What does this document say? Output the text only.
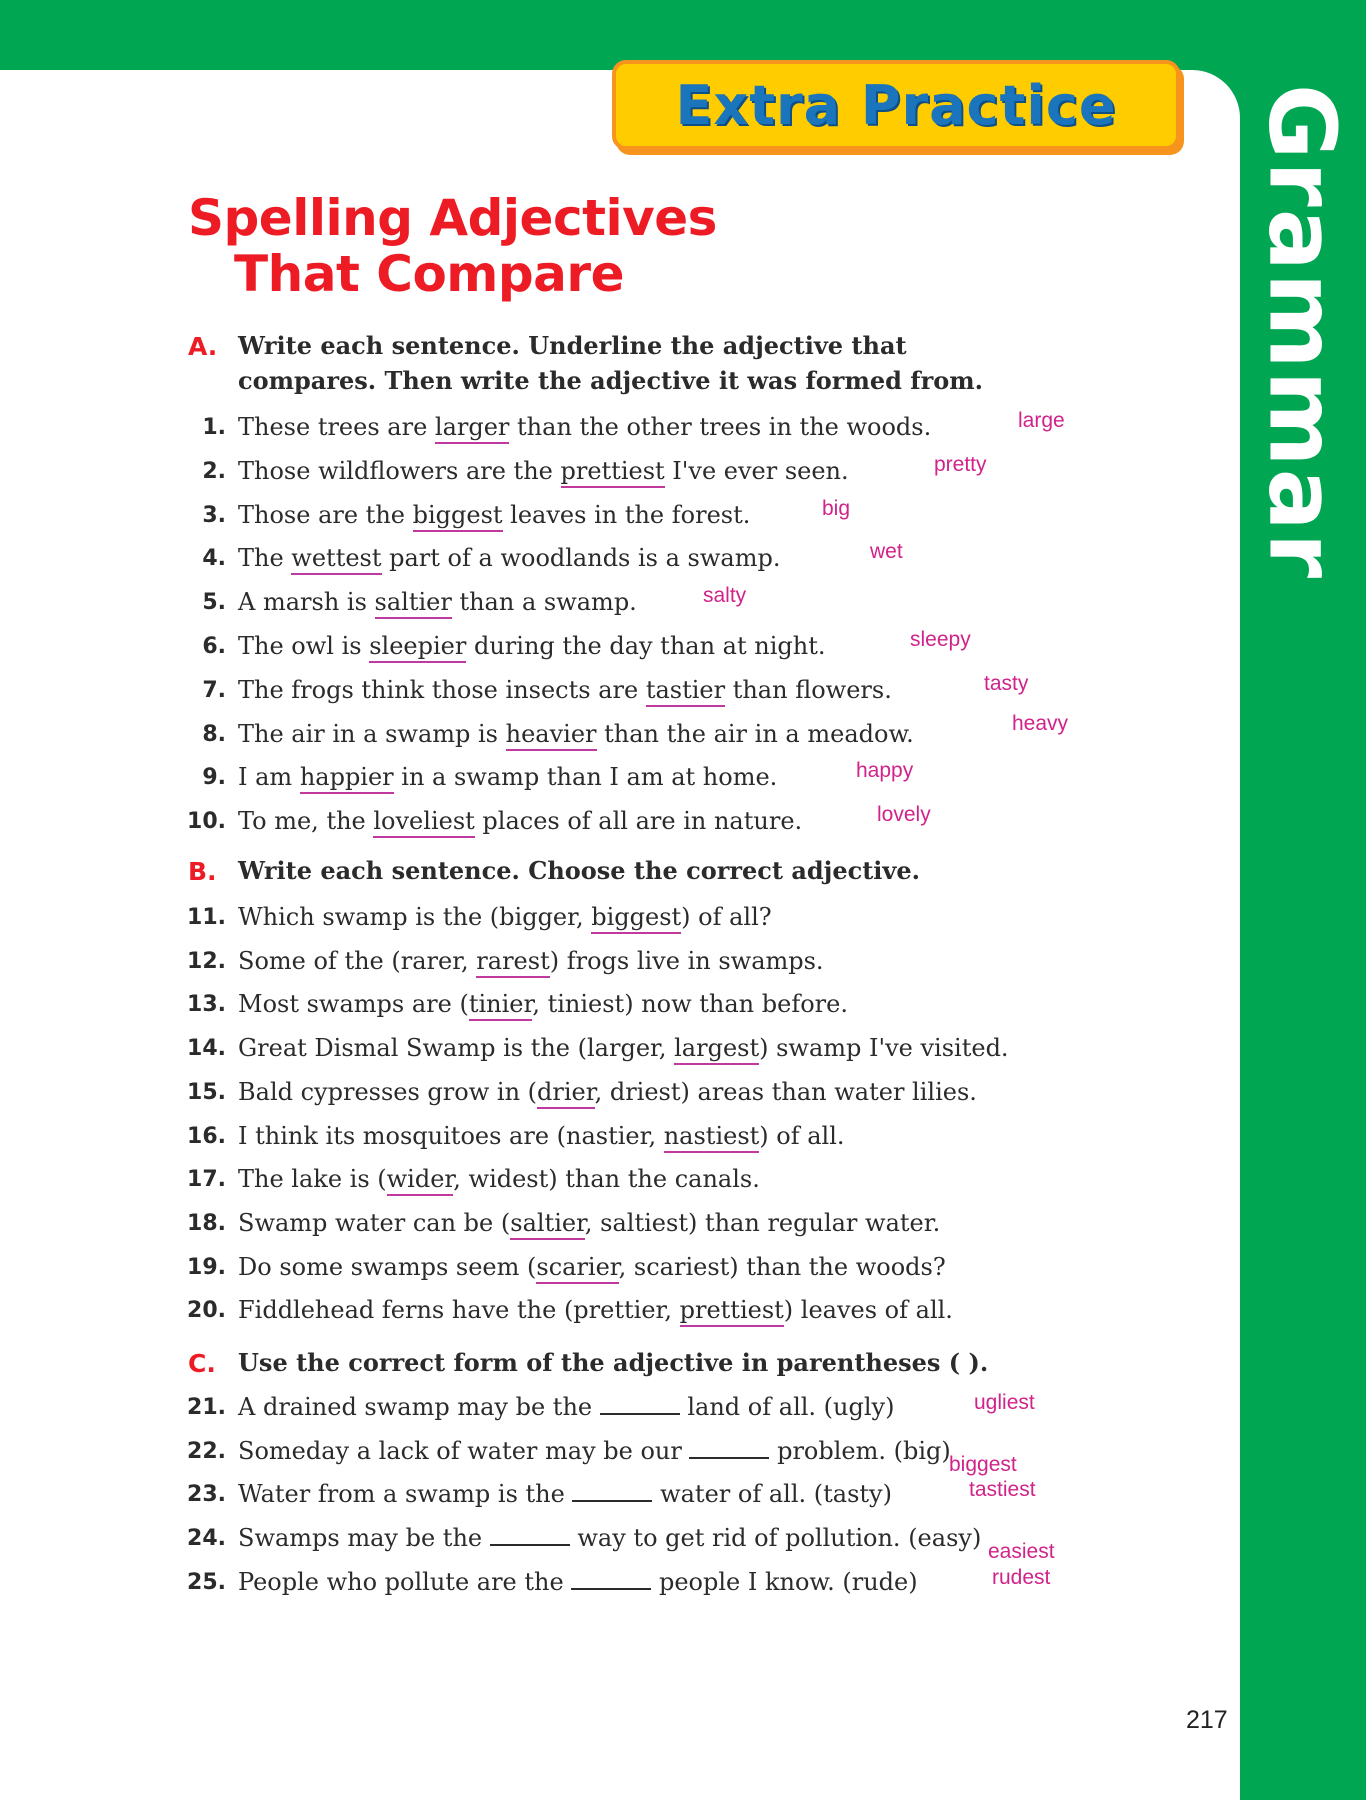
Grammar
Extra Practice
Spelling Adjectives
That Compare
A. Write each sentence. Underline the adjective that
compares. Then write the adjective it was formed from.
1. These trees are larger than the other trees in the woods.	large
2. Those wildflowers are the prettiest I've ever seen.	pretty
3. Those are the biggest leaves in the forest.	big
4. The wettest part of a woodlands is a swamp.	wet
5. A marsh is saltier than a swamp.	salty
6. The owl is sleepier during the day than at night.	sleepy
7. The frogs think those insects are tastier than flowers.	tasty
8. The air in a swamp is heavier than the air in a meadow.	heavy
9. I am happier in a swamp than I am at home.	happy
10. To me, the loveliest places of all are in nature.	lovely
B. Write each sentence. Choose the correct adjective.
11. Which swamp is the (bigger, biggest) of all?
12. Some of the (rarer, rarest) frogs live in swamps.
13. Most swamps are (tinier, tiniest) now than before.
14. Great Dismal Swamp is the (larger, largest) swamp I've visited.
15. Bald cypresses grow in (drier, driest) areas than water lilies.
16. I think its mosquitoes are (nastier, nastiest) of all.
17. The lake is (wider, widest) than the canals.
18. Swamp water can be (saltier, saltiest) than regular water.
19. Do some swamps seem (scarier, scariest) than the woods?
20. Fiddlehead ferns have the (prettier, prettiest) leaves of all.
C. Use the correct form of the adjective in parentheses ( ).
21. A drained swamp may be the	land of all. (ugly)	ugliest
22. Someday a lack of water may be our	problem. (big)
biggest
23. Water from a swamp is the	water of all. (tasty)	tastiest
24. Swamps may be the	way to get rid of pollution. (easy) easiest
25. People who pollute are the	people I know. (rude)	rudest
217
